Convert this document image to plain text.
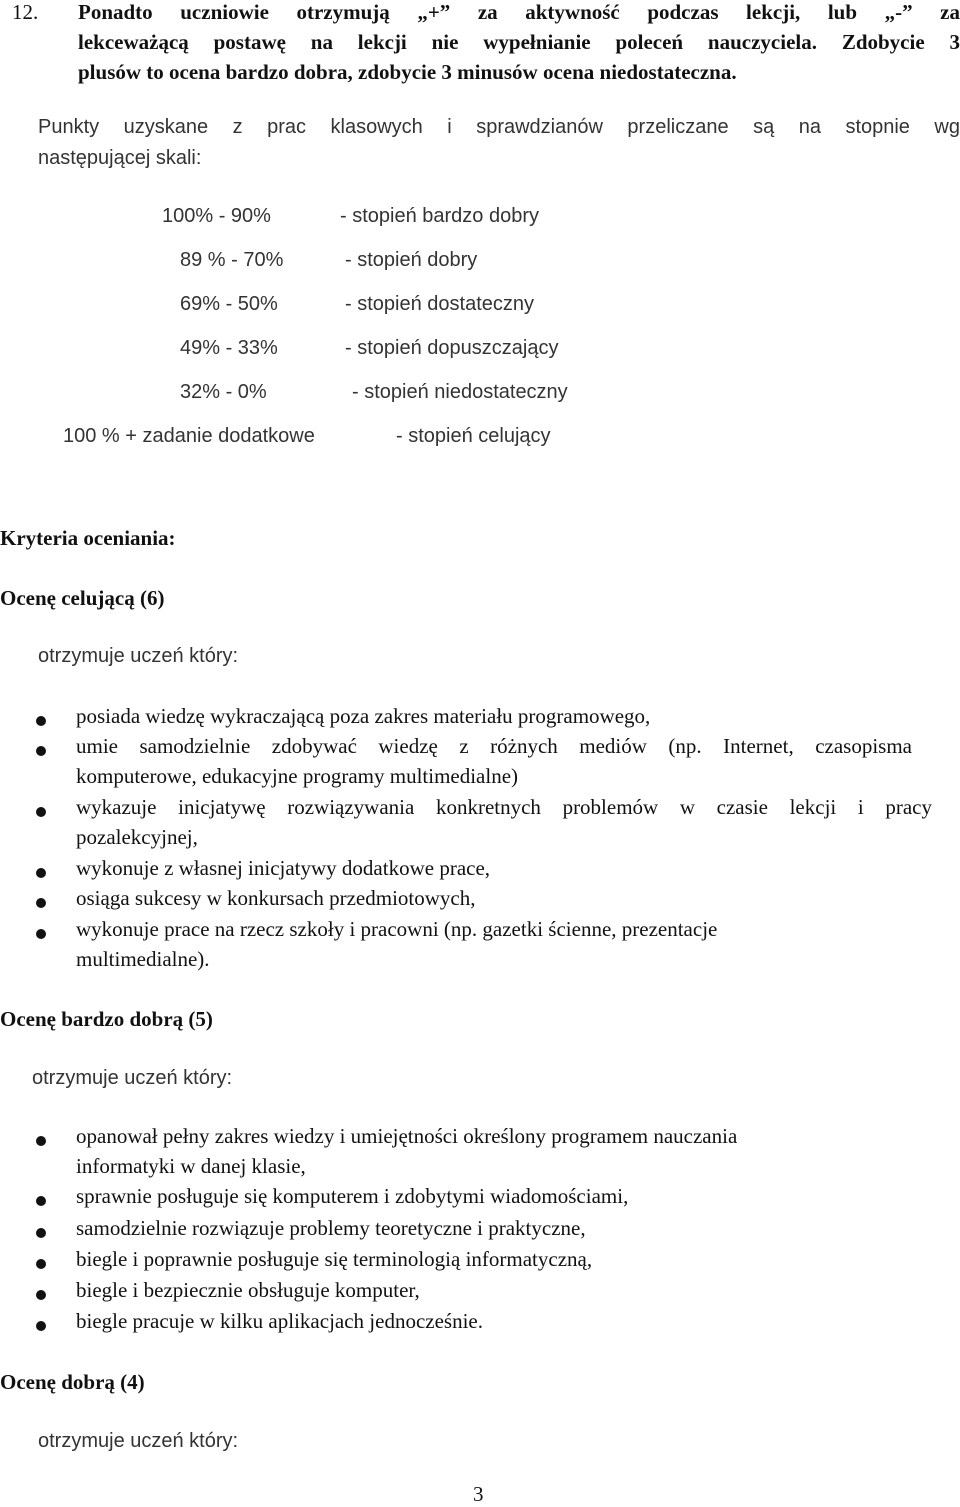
12. Ponadto uczniowie otrzymują „+” za aktywność podczas lekcji, lub „-” za
lekceważącą postawę na lekcji nie wypełnianie poleceń nauczyciela. Zdobycie 3
plusów to ocena bardzo dobra, zdobycie 3 minusów ocena niedostateczna.
Punkty uzyskane z prac klasowych i sprawdzianów przeliczane są na stopnie wg
następującej skali:
100% - 90%	- stopień bardzo dobry
89 % - 70%	- stopień dobry
69% - 50%	- stopień dostateczny
49% - 33%	- stopień dopuszczający
32% - 0%	- stopień niedostateczny
100 % + zadanie dodatkowe	- stopień celujący
Kryteria oceniania:
Ocenę celującą (6)
otrzymuje uczeń który:
posiada wiedzę wykraczającą poza zakres materiału programowego,
umie samodzielnie zdobywać wiedzę z różnych mediów (np. Internet, czasopisma
komputerowe, edukacyjne programy multimedialne)
wykazuje inicjatywę rozwiązywania konkretnych problemów w czasie lekcji i pracy
pozalekcyjnej,
wykonuje z własnej inicjatywy dodatkowe prace,
osiąga sukcesy w konkursach przedmiotowych,
wykonuje prace na rzecz szkoły i pracowni (np. gazetki ścienne, prezentacje
multimedialne).
Ocenę bardzo dobrą (5)
otrzymuje uczeń który:
opanował pełny zakres wiedzy i umiejętności określony programem nauczania
informatyki w danej klasie,
sprawnie posługuje się komputerem i zdobytymi wiadomościami,
samodzielnie rozwiązuje problemy teoretyczne i praktyczne,
biegle i poprawnie posługuje się terminologią informatyczną,
biegle i bezpiecznie obsługuje komputer,
biegle pracuje w kilku aplikacjach jednocześnie.
Ocenę dobrą (4)
otrzymuje uczeń który:
3
